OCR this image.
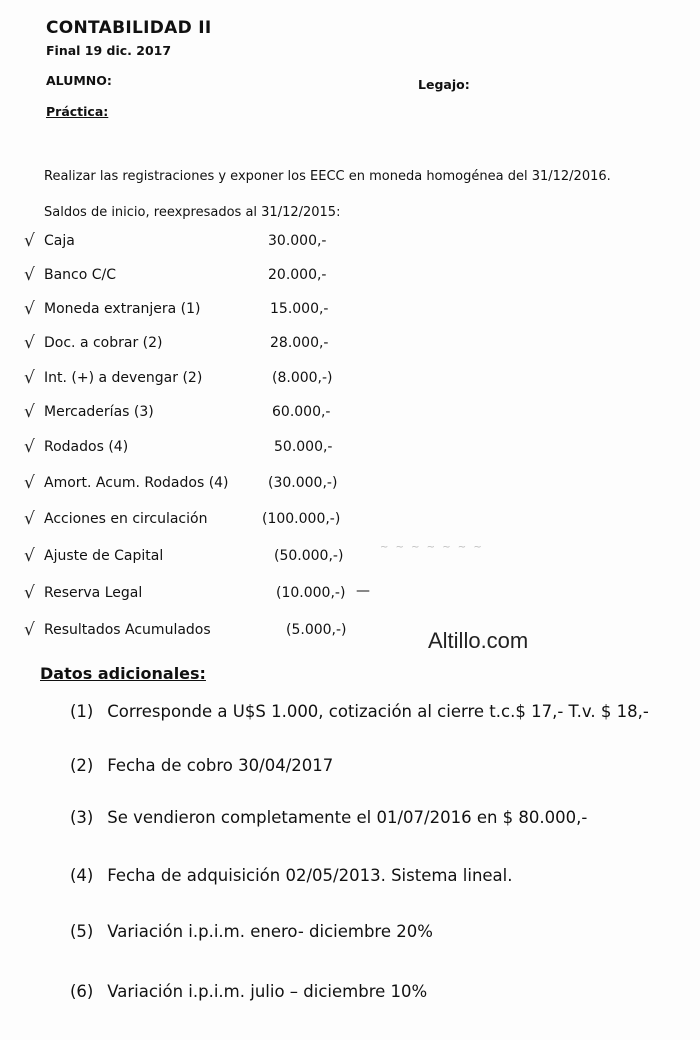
CONTABILIDAD II
Final 19 dic. 2017
ALUMNO:	Legajo:
Práctica:
Realizar las registraciones y exponer los EECC en moneda homogénea del 31/12/2016.
Saldos de inicio, reexpresados al 31/12/2015:
√ Caja	30.000,-
√ Banco C/C	20.000,-
√ Moneda extranjera (1)	15.000,-
√ Doc. a cobrar (2)	28.000,-
√ Int. (+) a devengar (2)	(8.000,-)
√ Mercaderías (3)	60.000,-
√ Rodados (4)	50.000,-
√ Amort. Acum. Rodados (4)	(30.000,-)
√ Acciones en circulación	(100.000,-)
√ Ajuste de Capital	(50.000,-)
√ Reserva Legal	(10.000,-)
√ Resultados Acumulados	(5.000,-)
~ ~ ~ ~ ~ ~ ~
—
Altillo.com
Datos adicionales:
(1) Corresponde a U$S 1.000, cotización al cierre t.c.$ 17,- T.v. $ 18,-
(2) Fecha de cobro 30/04/2017
(3) Se vendieron completamente el 01/07/2016 en $ 80.000,-
(4) Fecha de adquisición 02/05/2013. Sistema lineal.
(5) Variación i.p.i.m. enero- diciembre 20%
(6) Variación i.p.i.m. julio – diciembre 10%
